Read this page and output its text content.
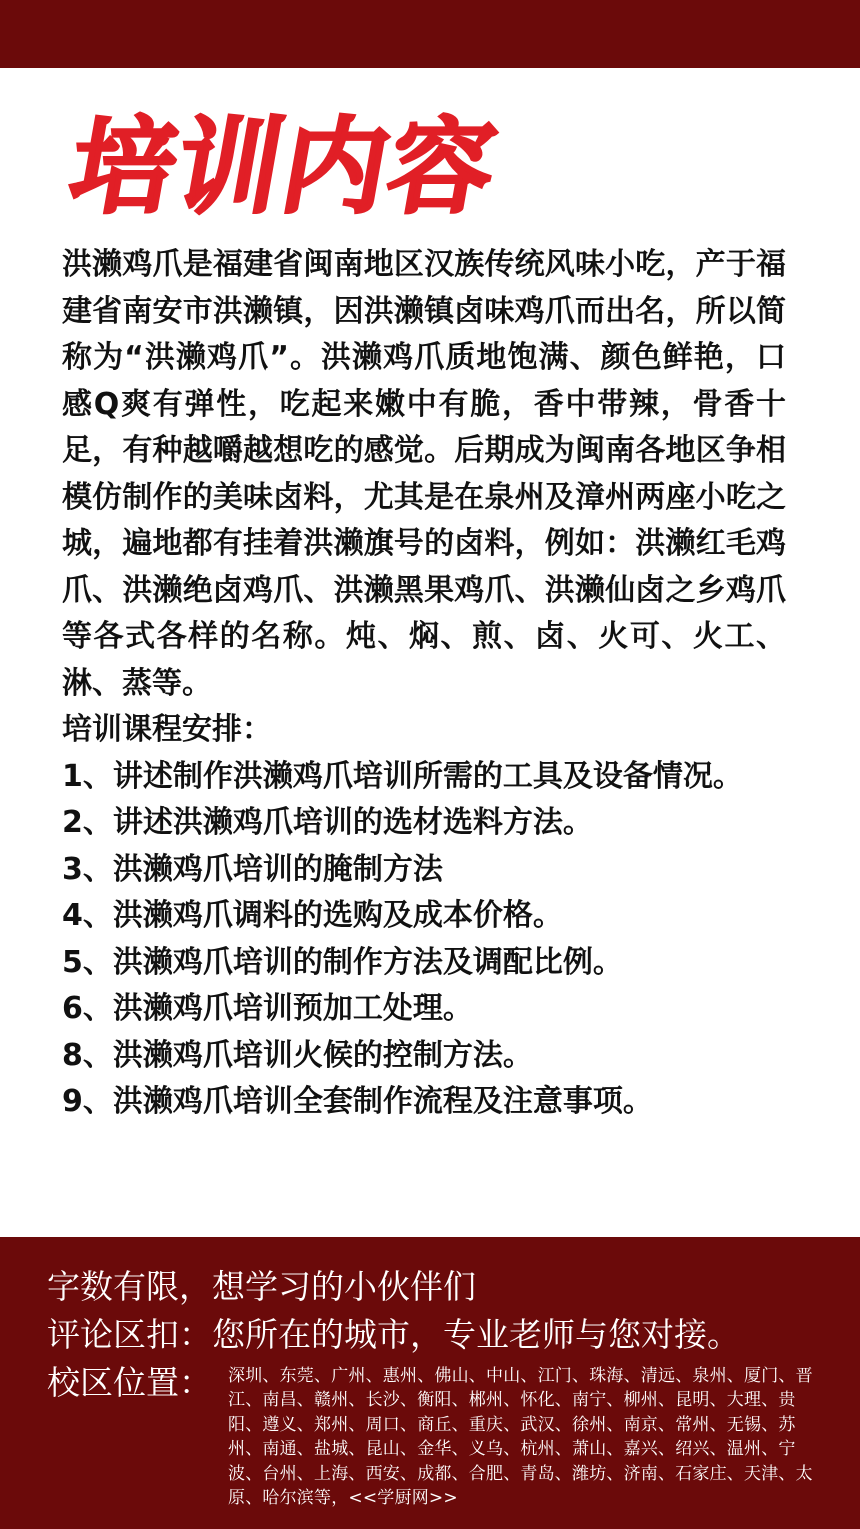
培训内容

洪濑鸡爪是福建省闽南地区汉族传统风味小吃，产于福建省南安市洪濑镇，因洪濑镇卤味鸡爪而出名，所以简称为“洪濑鸡爪”。洪濑鸡爪质地饱满、颜色鲜艳，口感Q爽有弹性，吃起来嫩中有脆，香中带辣，骨香十足，有种越嚼越想吃的感觉。后期成为闽南各地区争相模仿制作的美味卤料，尤其是在泉州及漳州两座小吃之城，遍地都有挂着洪濑旗号的卤料，例如：洪濑红毛鸡爪、洪濑绝卤鸡爪、洪濑黑果鸡爪、洪濑仙卤之乡鸡爪等各式各样的名称。炖、焖、煎、卤、火可、火工、淋、蒸等。

培训课程安排：

1、讲述制作洪濑鸡爪培训所需的工具及设备情况。
2、讲述洪濑鸡爪培训的选材选料方法。
3、洪濑鸡爪培训的腌制方法
4、洪濑鸡爪调料的选购及成本价格。
5、洪濑鸡爪培训的制作方法及调配比例。
6、洪濑鸡爪培训预加工处理。
8、洪濑鸡爪培训火候的控制方法。
9、洪濑鸡爪培训全套制作流程及注意事项。
字数有限，想学习的小伙伴们
评论区扣：您所在的城市，专业老师与您对接。
校区位置： 深圳、东莞、广州、惠州、佛山、中山、江门、珠海、清远、泉州、厦门、晋江、南昌、赣州、长沙、衡阳、郴州、怀化、南宁、柳州、昆明、大理、贵阳、遵义、郑州、周口、商丘、重庆、武汉、徐州、南京、常州、无锡、苏州、南通、盐城、昆山、金华、义乌、杭州、萧山、嘉兴、绍兴、温州、宁波、台州、上海、西安、成都、合肥、青岛、潍坊、济南、石家庄、天津、太原、哈尔滨等，<<学厨网>>
